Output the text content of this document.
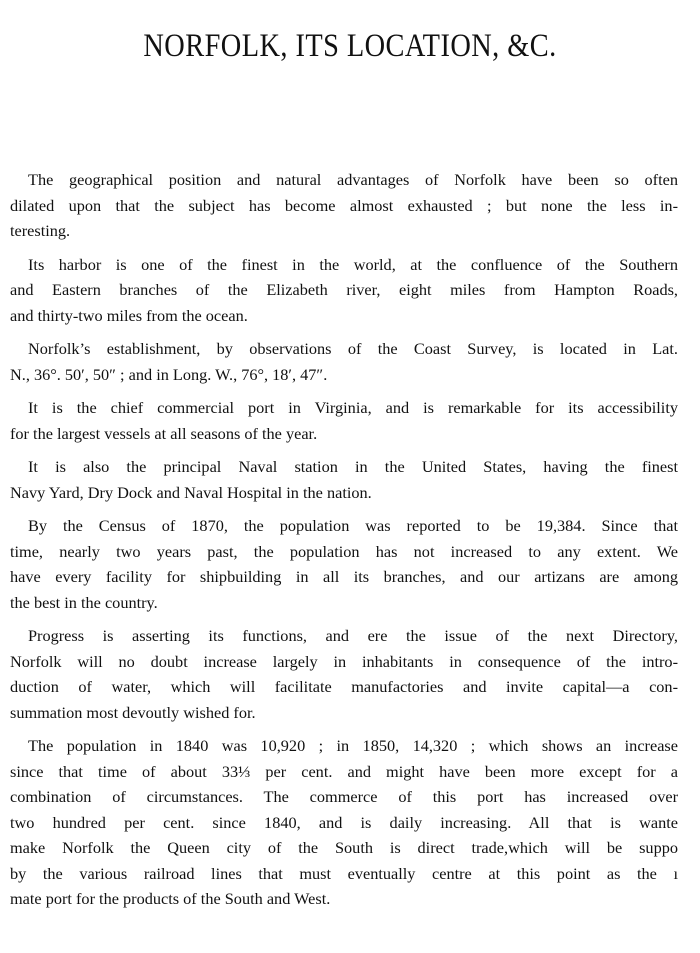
NORFOLK, ITS LOCATION, &C.

The geographical position and natural advantages of Norfolk have been so often
dilated upon that the subject has become almost exhausted ; but none the less in-
teresting.

Its harbor is one of the finest in the world, at the confluence of the Southern
and Eastern branches of the Elizabeth river, eight miles from Hampton Roads,
and thirty-two miles from the ocean.

Norfolk’s establishment, by observations of the Coast Survey, is located in Lat.
N., 36°. 50′, 50″ ; and in Long. W., 76°, 18′, 47″.

It is the chief commercial port in Virginia, and is remarkable for its accessibility
for the largest vessels at all seasons of the year.

It is also the principal Naval station in the United States, having the finest
Navy Yard, Dry Dock and Naval Hospital in the nation.

By the Census of 1870, the population was reported to be 19,384. Since that
time, nearly two years past, the population has not increased to any extent. We
have every facility for shipbuilding in all its branches, and our artizans are among
the best in the country.

Progress is asserting its functions, and ere the issue of the next Directory,
Norfolk will no doubt increase largely in inhabitants in consequence of the intro-
duction of water, which will facilitate manufactories and invite capital—a con-
summation most devoutly wished for.

The population in 1840 was 10,920 ; in 1850, 14,320 ; which shows an increase
since that time of about 33⅓ per cent. and might have been more except for a
combination of circumstances. The commerce of this port has increased over
two hundred per cent. since 1840, and is daily increasing. All that is wante
make Norfolk the Queen city of the South is direct trade,which will be suppo
by the various railroad lines that must eventually centre at this point as the ı
mate port for the products of the South and West.
